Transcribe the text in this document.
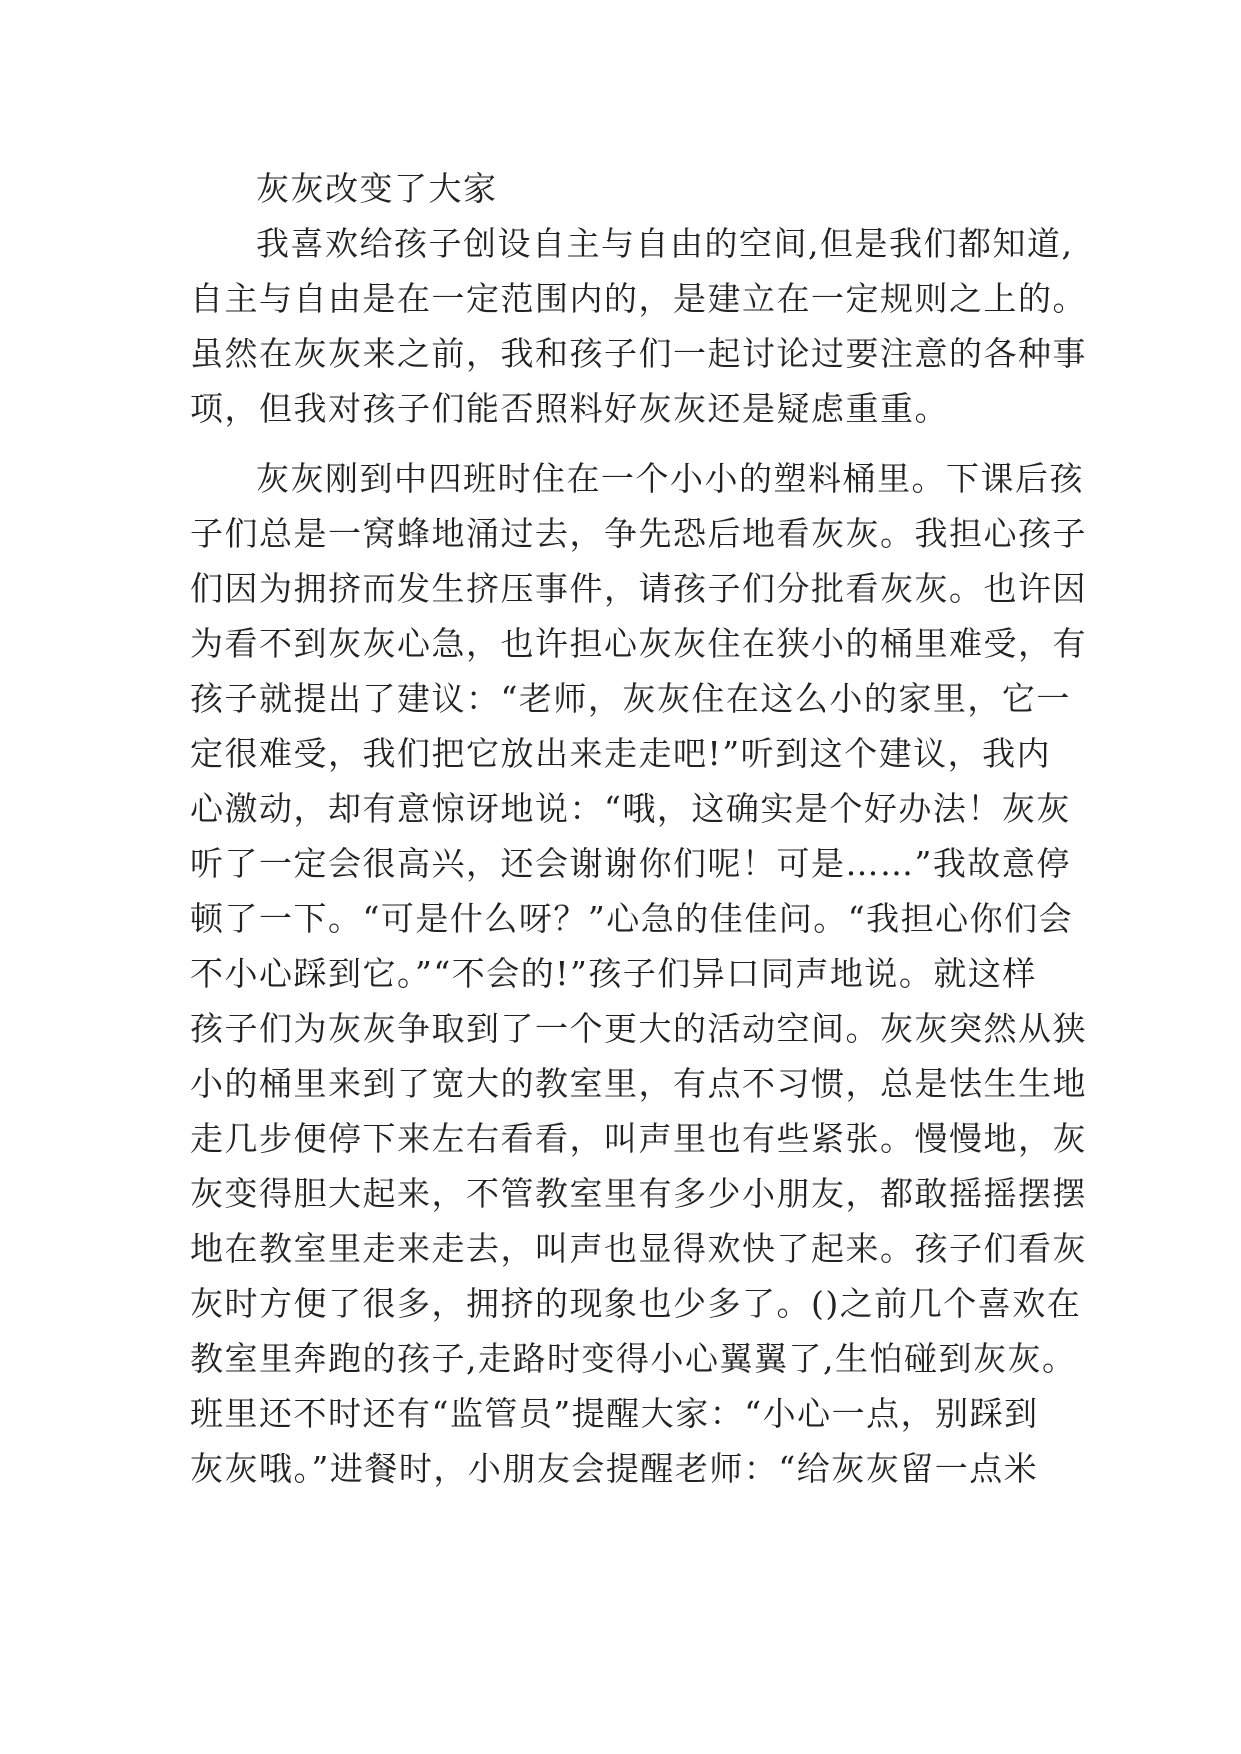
灰灰改变了大家
我喜欢给孩子创设自主与自由的空间,但是我们都知道,
自主与自由是在一定范围内的，是建立在一定规则之上的。
虽然在灰灰来之前，我和孩子们一起讨论过要注意的各种事
项，但我对孩子们能否照料好灰灰还是疑虑重重。
灰灰刚到中四班时住在一个小小的塑料桶里。下课后孩
子们总是一窝蜂地涌过去，争先恐后地看灰灰。我担心孩子
们因为拥挤而发生挤压事件，请孩子们分批看灰灰。也许因
为看不到灰灰心急，也许担心灰灰住在狭小的桶里难受，有
孩子就提出了建议：“老师，灰灰住在这么小的家里，它一
定很难受，我们把它放出来走走吧!”听到这个建议，我内
心激动，却有意惊讶地说：“哦，这确实是个好办法！灰灰
听了一定会很高兴，还会谢谢你们呢！可是……”我故意停
顿了一下。“可是什么呀？”心急的佳佳问。“我担心你们会
不小心踩到它。”“不会的!”孩子们异口同声地说。就这样
孩子们为灰灰争取到了一个更大的活动空间。灰灰突然从狭
小的桶里来到了宽大的教室里，有点不习惯，总是怯生生地
走几步便停下来左右看看，叫声里也有些紧张。慢慢地，灰
灰变得胆大起来，不管教室里有多少小朋友，都敢摇摇摆摆
地在教室里走来走去，叫声也显得欢快了起来。孩子们看灰
灰时方便了很多，拥挤的现象也少多了。()之前几个喜欢在
教室里奔跑的孩子,走路时变得小心翼翼了,生怕碰到灰灰。
班里还不时还有“监管员”提醒大家：“小心一点，别踩到
灰灰哦。”进餐时，小朋友会提醒老师：“给灰灰留一点米
